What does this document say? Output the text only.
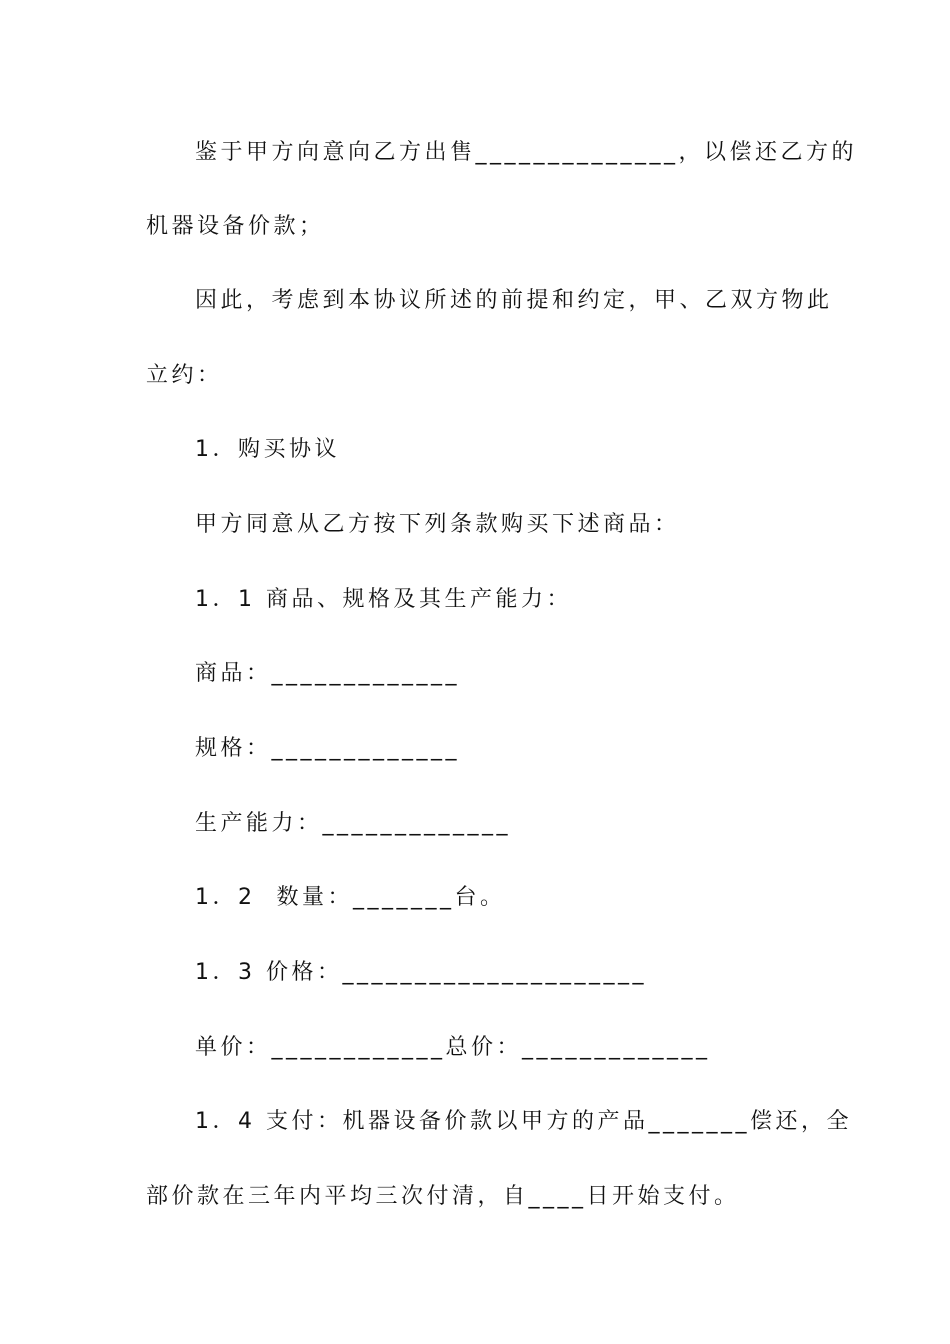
鉴于甲方向意向乙方出售______________，以偿还乙方的
机器设备价款；
因此，考虑到本协议所述的前提和约定，甲、乙双方物此
立约：
1．购买协议
甲方同意从乙方按下列条款购买下述商品：
1．1 商品、规格及其生产能力：
商品：_____________
规格：_____________
生产能力：_____________
1．2  数量：_______台。
1．3 价格：_____________________
单价：____________总价：_____________
1．4 支付：机器设备价款以甲方的产品_______偿还，全
部价款在三年内平均三次付清，自____日开始支付。
